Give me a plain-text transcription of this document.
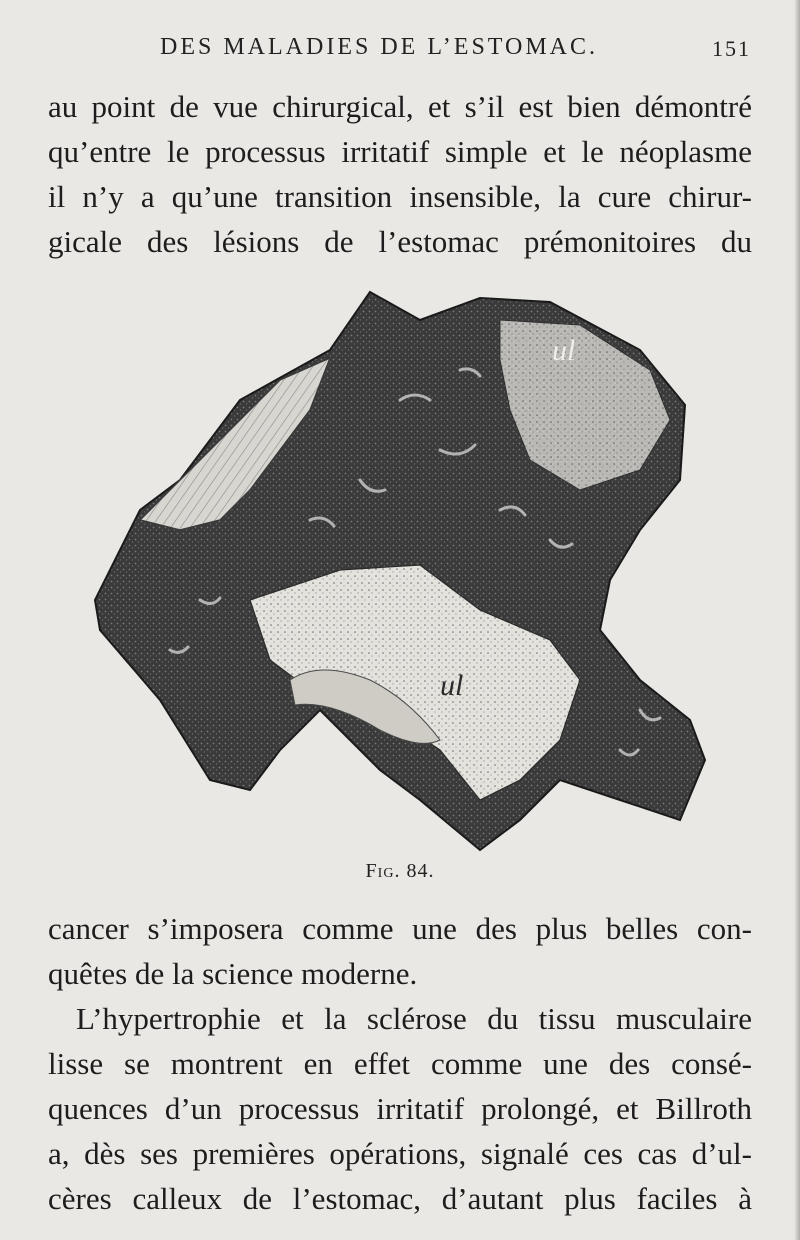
DES MALADIES DE L’ESTOMAC.	151
au point de vue chirurgical, et s’il est bien démontré
qu’entre le processus irritatif simple et le néoplasme
il n’y a qu’une transition insensible, la cure chirur-
gicale des lésions de l’estomac prémonitoires du
ul
ul
Fig. 84.
cancer s’imposera comme une des plus belles con-
quêtes de la science moderne.
L’hypertrophie et la sclérose du tissu musculaire
lisse se montrent en effet comme une des consé-
quences d’un processus irritatif prolongé, et Billroth
a, dès ses premières opérations, signalé ces cas d’ul-
cères calleux de l’estomac, d’autant plus faciles à
